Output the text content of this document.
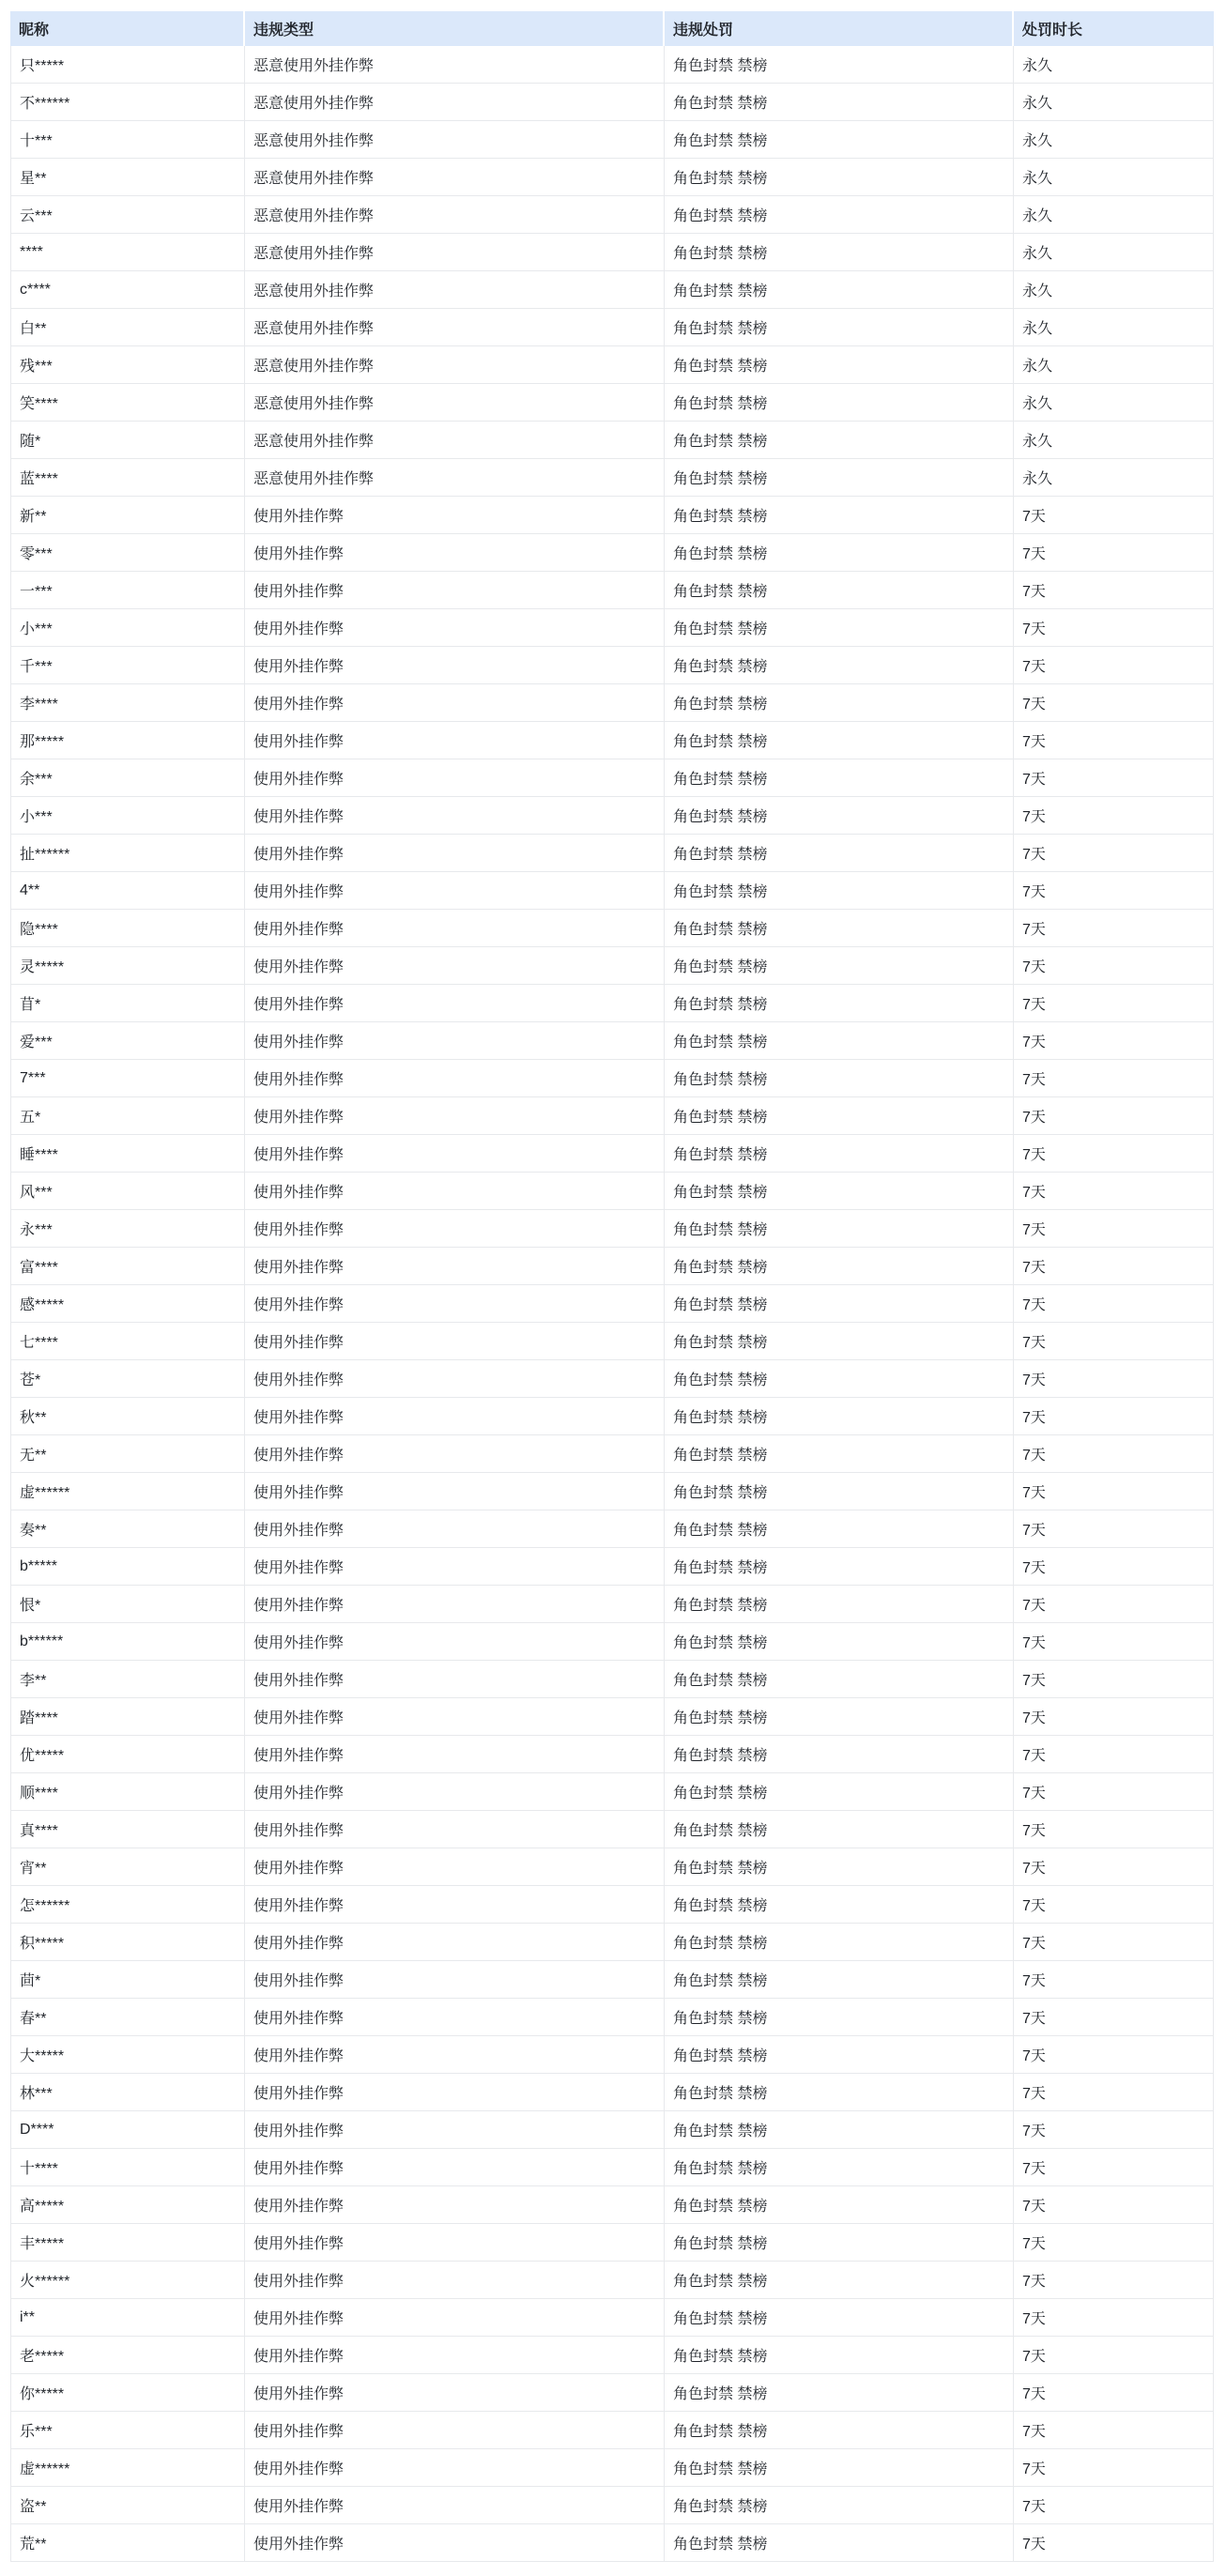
昵称	违规类型	违规处罚	处罚时长
只*****	恶意使用外挂作弊	角色封禁 禁榜	永久
不******	恶意使用外挂作弊	角色封禁 禁榜	永久
十***	恶意使用外挂作弊	角色封禁 禁榜	永久
星**	恶意使用外挂作弊	角色封禁 禁榜	永久
云***	恶意使用外挂作弊	角色封禁 禁榜	永久
****	恶意使用外挂作弊	角色封禁 禁榜	永久
c****	恶意使用外挂作弊	角色封禁 禁榜	永久
白**	恶意使用外挂作弊	角色封禁 禁榜	永久
残***	恶意使用外挂作弊	角色封禁 禁榜	永久
笑****	恶意使用外挂作弊	角色封禁 禁榜	永久
随*	恶意使用外挂作弊	角色封禁 禁榜	永久
蓝****	恶意使用外挂作弊	角色封禁 禁榜	永久
新**	使用外挂作弊	角色封禁 禁榜	7天
零***	使用外挂作弊	角色封禁 禁榜	7天
一***	使用外挂作弊	角色封禁 禁榜	7天
小***	使用外挂作弊	角色封禁 禁榜	7天
千***	使用外挂作弊	角色封禁 禁榜	7天
李****	使用外挂作弊	角色封禁 禁榜	7天
那*****	使用外挂作弊	角色封禁 禁榜	7天
余***	使用外挂作弊	角色封禁 禁榜	7天
小***	使用外挂作弊	角色封禁 禁榜	7天
扯******	使用外挂作弊	角色封禁 禁榜	7天
4**	使用外挂作弊	角色封禁 禁榜	7天
隐****	使用外挂作弊	角色封禁 禁榜	7天
灵*****	使用外挂作弊	角色封禁 禁榜	7天
苜*	使用外挂作弊	角色封禁 禁榜	7天
爱***	使用外挂作弊	角色封禁 禁榜	7天
7***	使用外挂作弊	角色封禁 禁榜	7天
五*	使用外挂作弊	角色封禁 禁榜	7天
睡****	使用外挂作弊	角色封禁 禁榜	7天
风***	使用外挂作弊	角色封禁 禁榜	7天
永***	使用外挂作弊	角色封禁 禁榜	7天
富****	使用外挂作弊	角色封禁 禁榜	7天
感*****	使用外挂作弊	角色封禁 禁榜	7天
七****	使用外挂作弊	角色封禁 禁榜	7天
苍*	使用外挂作弊	角色封禁 禁榜	7天
秋**	使用外挂作弊	角色封禁 禁榜	7天
无**	使用外挂作弊	角色封禁 禁榜	7天
虚******	使用外挂作弊	角色封禁 禁榜	7天
奏**	使用外挂作弊	角色封禁 禁榜	7天
b*****	使用外挂作弊	角色封禁 禁榜	7天
恨*	使用外挂作弊	角色封禁 禁榜	7天
b******	使用外挂作弊	角色封禁 禁榜	7天
李**	使用外挂作弊	角色封禁 禁榜	7天
踏****	使用外挂作弊	角色封禁 禁榜	7天
优*****	使用外挂作弊	角色封禁 禁榜	7天
顺****	使用外挂作弊	角色封禁 禁榜	7天
真****	使用外挂作弊	角色封禁 禁榜	7天
宵**	使用外挂作弊	角色封禁 禁榜	7天
怎******	使用外挂作弊	角色封禁 禁榜	7天
积*****	使用外挂作弊	角色封禁 禁榜	7天
茴*	使用外挂作弊	角色封禁 禁榜	7天
春**	使用外挂作弊	角色封禁 禁榜	7天
大*****	使用外挂作弊	角色封禁 禁榜	7天
林***	使用外挂作弊	角色封禁 禁榜	7天
D****	使用外挂作弊	角色封禁 禁榜	7天
十****	使用外挂作弊	角色封禁 禁榜	7天
高*****	使用外挂作弊	角色封禁 禁榜	7天
丰*****	使用外挂作弊	角色封禁 禁榜	7天
火******	使用外挂作弊	角色封禁 禁榜	7天
i**	使用外挂作弊	角色封禁 禁榜	7天
老*****	使用外挂作弊	角色封禁 禁榜	7天
你*****	使用外挂作弊	角色封禁 禁榜	7天
乐***	使用外挂作弊	角色封禁 禁榜	7天
虚******	使用外挂作弊	角色封禁 禁榜	7天
盗**	使用外挂作弊	角色封禁 禁榜	7天
荒**	使用外挂作弊	角色封禁 禁榜	7天
